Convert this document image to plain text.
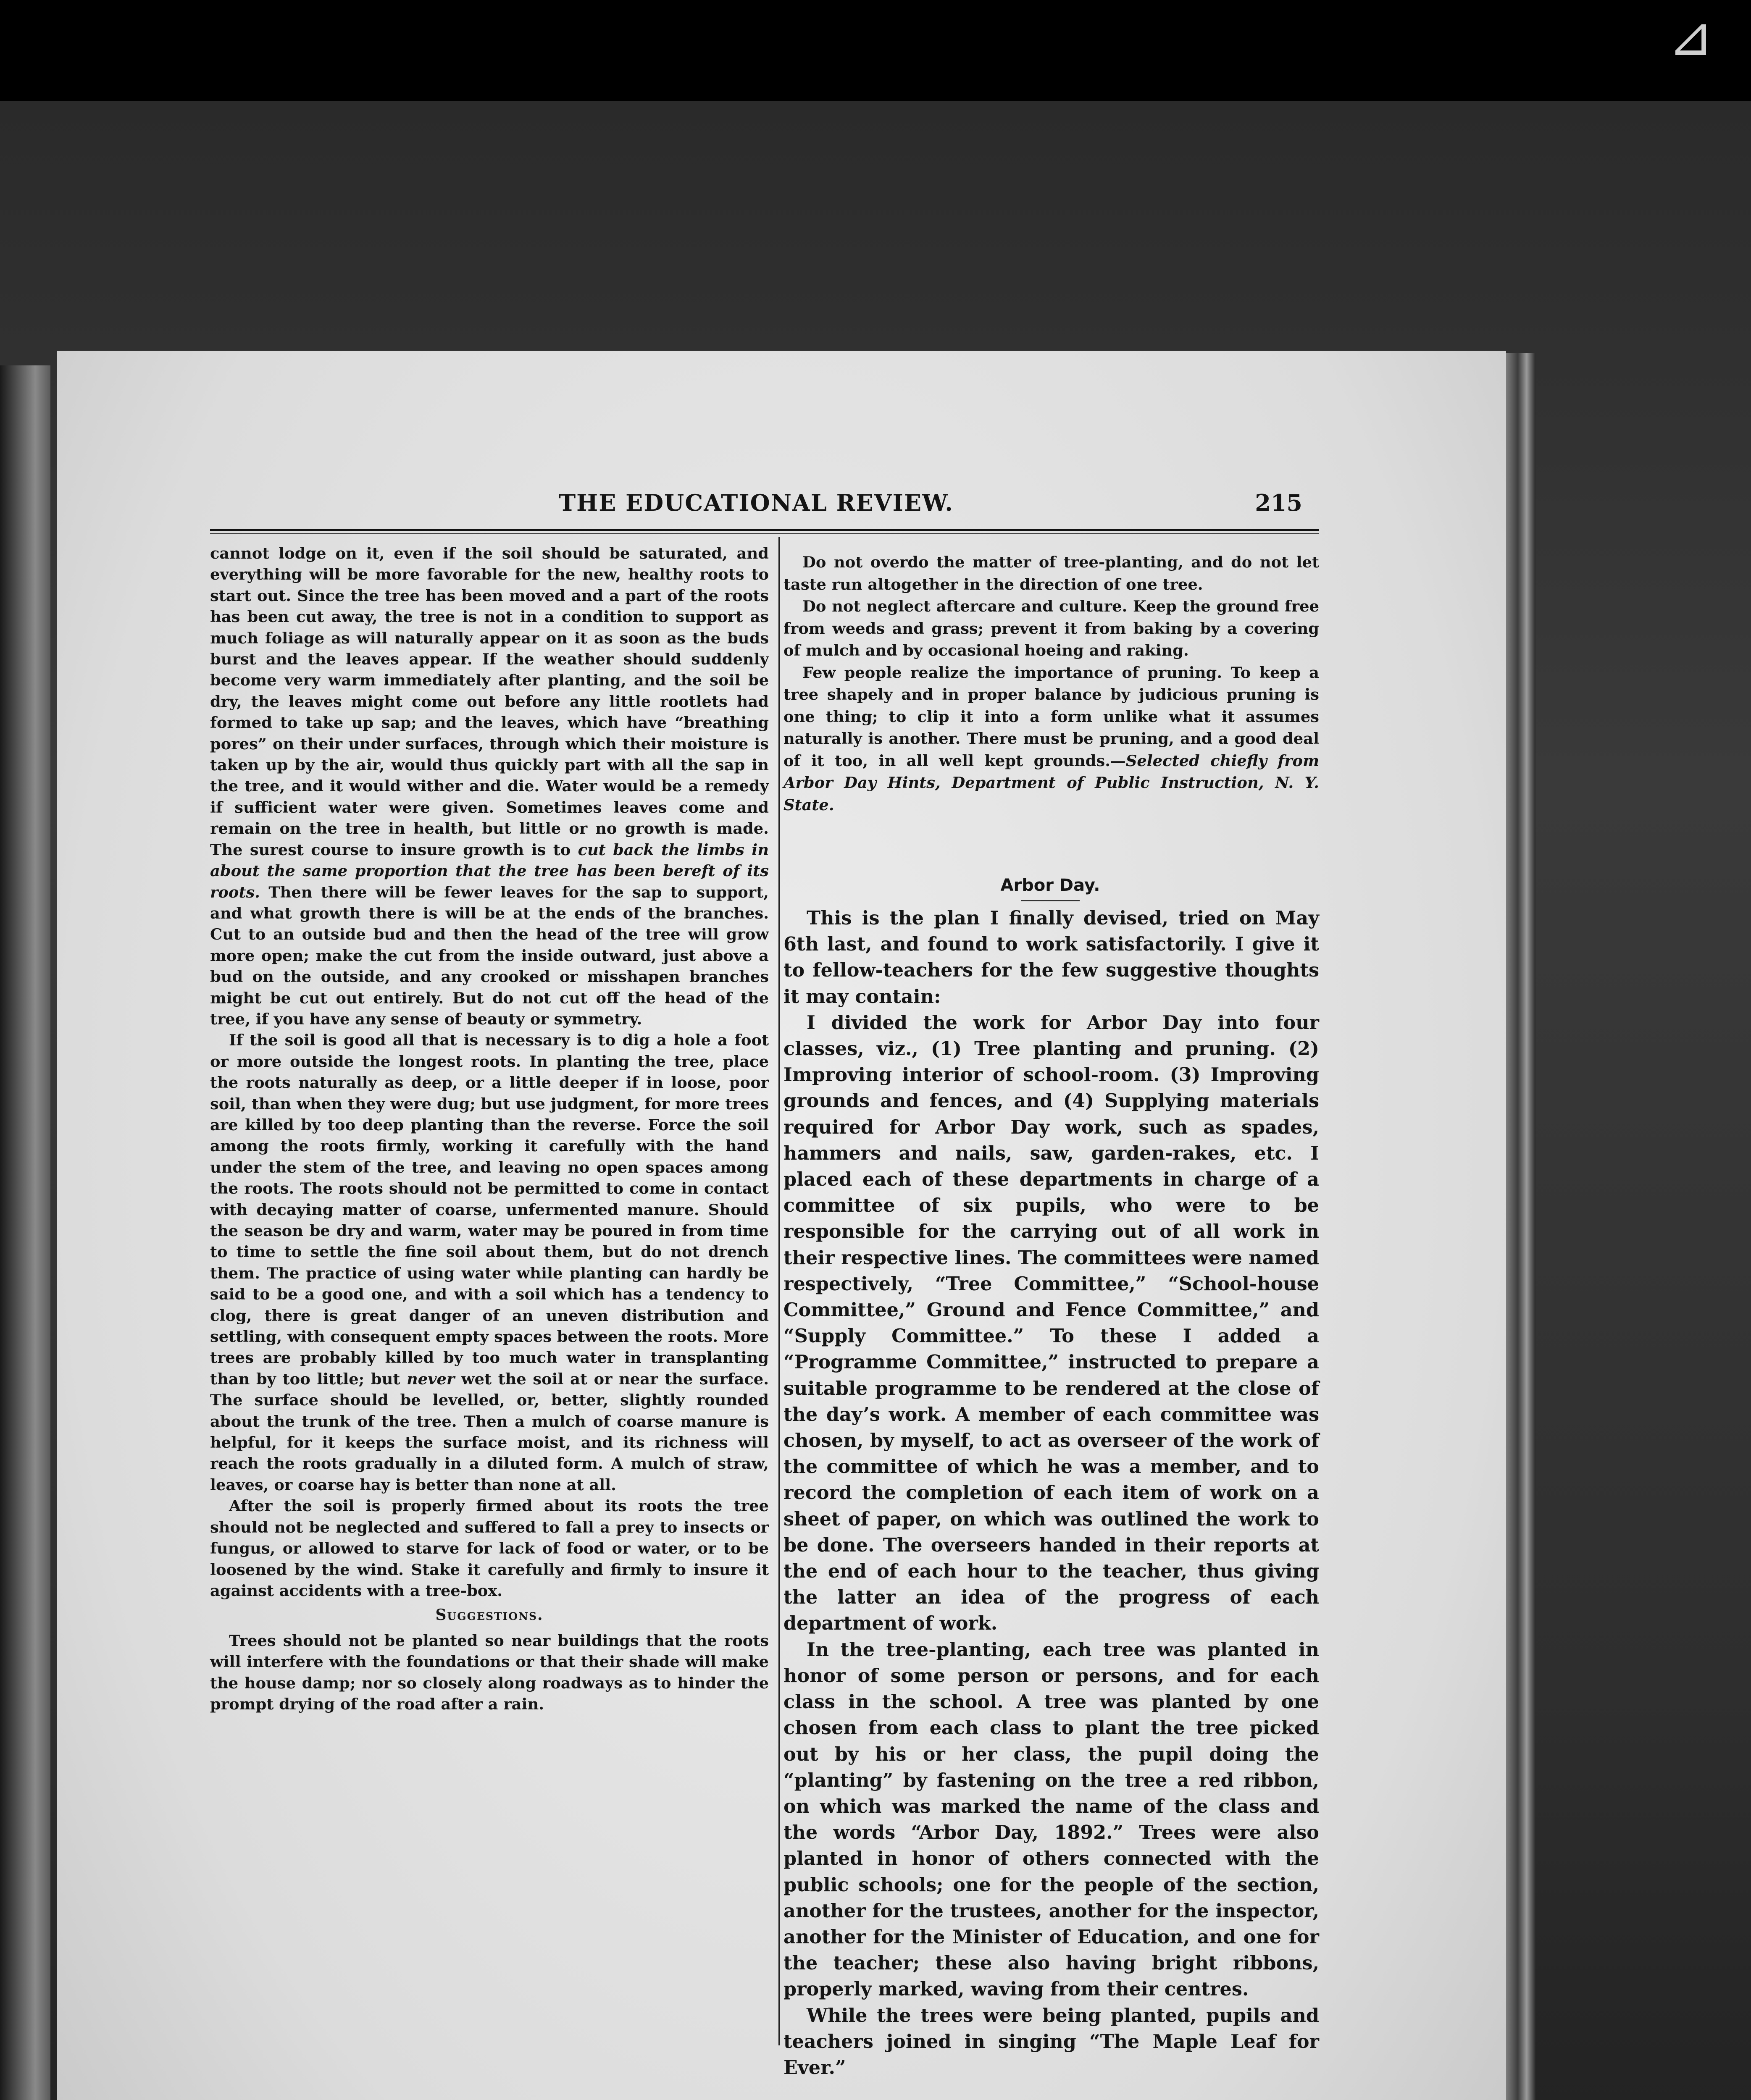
⊿
THE EDUCATIONAL REVIEW.	215

cannot lodge on it, even if the soil should be saturated, and everything will be more favorable for the new, healthy roots to start out. Since the tree has been moved and a part of the roots has been cut away, the tree is not in a condition to support as much foliage as will naturally appear on it as soon as the buds burst and the leaves appear. If the weather should suddenly become very warm immediately after planting, and the soil be dry, the leaves might come out before any little rootlets had formed to take up sap; and the leaves, which have “breathing pores” on their under surfaces, through which their moisture is taken up by the air, would thus quickly part with all the sap in the tree, and it would wither and die. Water would be a remedy if sufficient water were given. Sometimes leaves come and remain on the tree in health, but little or no growth is made. The surest course to insure growth is to cut back the limbs in about the same proportion that the tree has been bereft of its roots. Then there will be fewer leaves for the sap to support, and what growth there is will be at the ends of the branches. Cut to an outside bud and then the head of the tree will grow more open; make the cut from the inside outward, just above a bud on the outside, and any crooked or misshapen branches might be cut out entirely. But do not cut off the head of the tree, if you have any sense of beauty or symmetry.

If the soil is good all that is necessary is to dig a hole a foot or more outside the longest roots. In planting the tree, place the roots naturally as deep, or a little deeper if in loose, poor soil, than when they were dug; but use judgment, for more trees are killed by too deep planting than the reverse. Force the soil among the roots firmly, working it carefully with the hand under the stem of the tree, and leaving no open spaces among the roots. The roots should not be permitted to come in contact with decaying matter of coarse, unfermented manure. Should the season be dry and warm, water may be poured in from time to time to settle the fine soil about them, but do not drench them. The practice of using water while planting can hardly be said to be a good one, and with a soil which has a tendency to clog, there is great danger of an uneven distribution and settling, with consequent empty spaces between the roots. More trees are probably killed by too much water in transplanting than by too little; but never wet the soil at or near the surface. The surface should be levelled, or, better, slightly rounded about the trunk of the tree. Then a mulch of coarse manure is helpful, for it keeps the surface moist, and its richness will reach the roots gradually in a diluted form. A mulch of straw, leaves, or coarse hay is better than none at all.

After the soil is properly firmed about its roots the tree should not be neglected and suffered to fall a prey to insects or fungus, or allowed to starve for lack of food or water, or to be loosened by the wind. Stake it carefully and firmly to insure it against accidents with a tree-box.

Suggestions.

Trees should not be planted so near buildings that the roots will interfere with the foundations or that their shade will make the house damp; nor so closely along roadways as to hinder the prompt drying of the road after a rain.

Do not overdo the matter of tree-planting, and do not let taste run altogether in the direction of one tree.

Do not neglect aftercare and culture. Keep the ground free from weeds and grass; prevent it from baking by a covering of mulch and by occasional hoeing and raking.

Few people realize the importance of pruning. To keep a tree shapely and in proper balance by judicious pruning is one thing; to clip it into a form unlike what it assumes naturally is another. There must be pruning, and a good deal of it too, in all well kept grounds.—Selected chiefly from Arbor Day Hints, Department of Public Instruction, N. Y. State.

Arbor Day.

This is the plan I finally devised, tried on May 6th last, and found to work satisfactorily. I give it to fellow-teachers for the few suggestive thoughts it may contain:

I divided the work for Arbor Day into four classes, viz., (1) Tree planting and pruning. (2) Improving interior of school-room. (3) Improving grounds and fences, and (4) Supplying materials required for Arbor Day work, such as spades, hammers and nails, saw, garden-rakes, etc. I placed each of these departments in charge of a committee of six pupils, who were to be responsible for the carrying out of all work in their respective lines. The committees were named respectively, “Tree Committee,” “School-house Committee,” Ground and Fence Committee,” and “Supply Committee.” To these I added a “Programme Committee,” instructed to prepare a suitable programme to be rendered at the close of the day’s work. A member of each committee was chosen, by myself, to act as overseer of the work of the committee of which he was a member, and to record the completion of each item of work on a sheet of paper, on which was outlined the work to be done. The overseers handed in their reports at the end of each hour to the teacher, thus giving the latter an idea of the progress of each department of work.

In the tree-planting, each tree was planted in honor of some person or persons, and for each class in the school. A tree was planted by one chosen from each class to plant the tree picked out by his or her class, the pupil doing the “planting” by fastening on the tree a red ribbon, on which was marked the name of the class and the words “Arbor Day, 1892.” Trees were also planted in honor of others connected with the public schools; one for the people of the section, another for the trustees, another for the inspector, another for the Minister of Education, and one for the teacher; these also having bright ribbons, properly marked, waving from their centres.

While the trees were being planted, pupils and teachers joined in singing “The Maple Leaf for Ever.”
